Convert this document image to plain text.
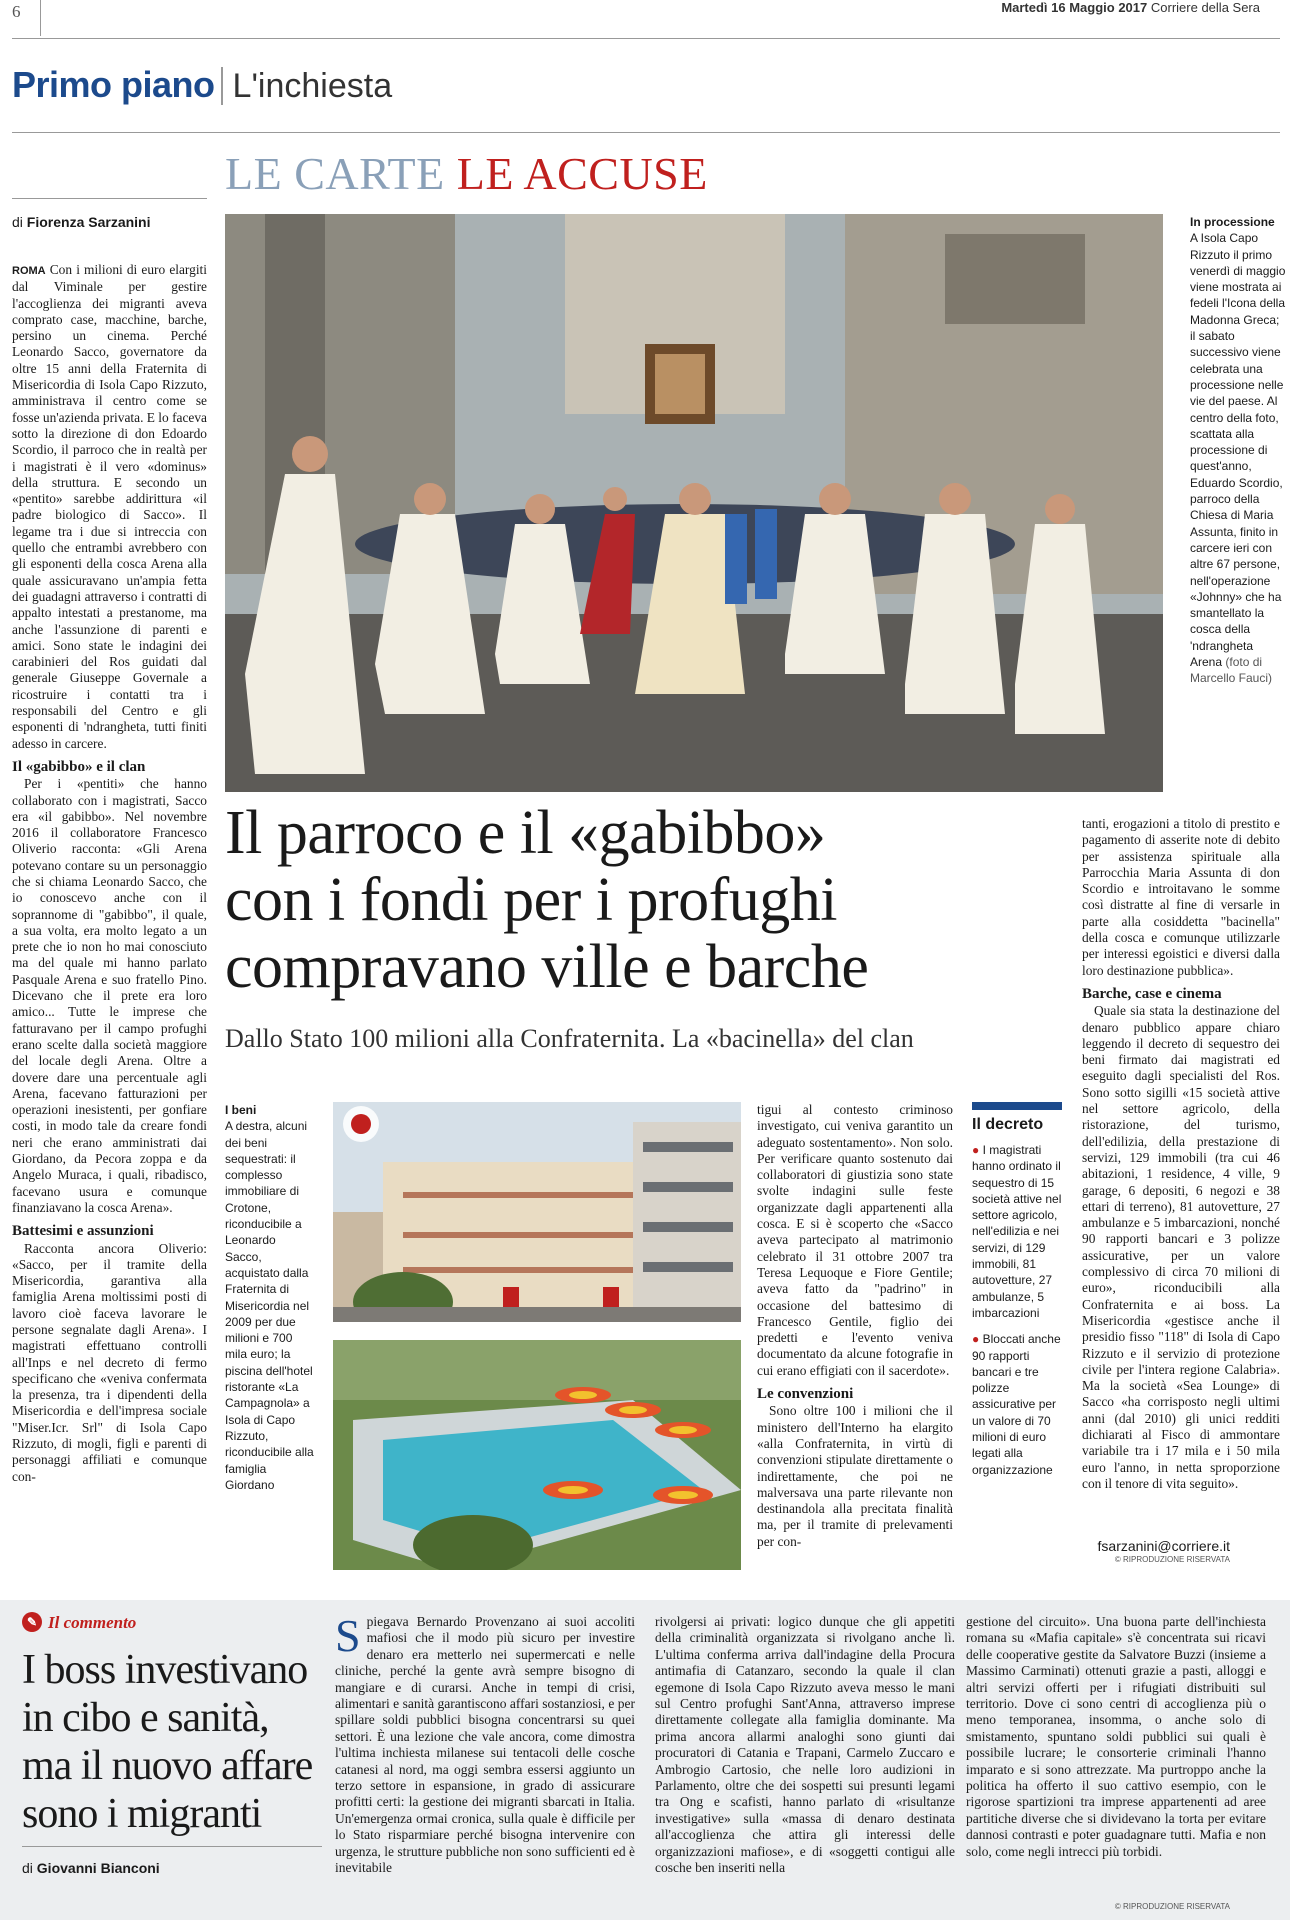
6	Martedì 16 Maggio 2017 Corriere della Sera
Primo piano L'inchiesta
LE CARTE LE ACCUSE
di Fiorenza Sarzanini

ROMA Con i milioni di euro elargiti dal Viminale per gestire l'accoglienza dei migranti aveva comprato case, macchine, barche, persino un cinema. Perché Leonardo Sacco, governatore da oltre 15 anni della Fraternita di Misericordia di Isola Capo Rizzuto, amministrava il centro come se fosse un'azienda privata. E lo faceva sotto la direzione di don Edoardo Scordio, il parroco che in realtà per i magistrati è il vero «dominus» della struttura. E secondo un «pentito» sarebbe addirittura «il padre biologico di Sacco». Il legame tra i due si intreccia con quello che entrambi avrebbero con gli esponenti della cosca Arena alla quale assicuravano un'ampia fetta dei guadagni attraverso i contratti di appalto intestati a prestanome, ma anche l'assunzione di parenti e amici. Sono state le indagini dei carabinieri del Ros guidati dal generale Giuseppe Governale a ricostruire i contatti tra i responsabili del Centro e gli esponenti di 'ndrangheta, tutti finiti adesso in carcere.

Il «gabibbo» e il clan

Per i «pentiti» che hanno collaborato con i magistrati, Sacco era «il gabibbo». Nel novembre 2016 il collaboratore Francesco Oliverio racconta: «Gli Arena potevano contare su un personaggio che si chiama Leonardo Sacco, che io conoscevo anche con il soprannome di "gabibbo", il quale, a sua volta, era molto legato a un prete che io non ho mai conosciuto ma del quale mi hanno parlato Pasquale Arena e suo fratello Pino. Dicevano che il prete era loro amico... Tutte le imprese che fatturavano per il campo profughi erano scelte dalla società maggiore del locale degli Arena. Oltre a dovere dare una percentuale agli Arena, facevano fatturazioni per operazioni inesistenti, per gonfiare costi, in modo tale da creare fondi neri che erano amministrati dai Giordano, da Pecora zoppa e da Angelo Muraca, i quali, ribadisco, facevano usura e comunque finanziavano la cosca Arena».

Battesimi e assunzioni

Racconta ancora Oliverio: «Sacco, per il tramite della Misericordia, garantiva alla famiglia Arena moltissimi posti di lavoro cioè faceva lavorare le persone segnalate dagli Arena». I magistrati effettuano controlli all'Inps e nel decreto di fermo specificano che «veniva confermata la presenza, tra i dipendenti della Misericordia e dell'impresa sociale "Miser.Icr. Srl" di Isola Capo Rizzuto, di mogli, figli e parenti di personaggi affiliati e comunque con-

In processione
A Isola Capo Rizzuto il primo venerdì di maggio viene mostrata ai fedeli l'Icona della Madonna Greca; il sabato successivo viene celebrata una processione nelle vie del paese. Al centro della foto, scattata alla processione di quest'anno, Eduardo Scordio, parroco della Chiesa di Maria Assunta, finito in carcere ieri con altre 67 persone, nell'operazione «Johnny» che ha smantellato la cosca della 'ndrangheta Arena (foto di Marcello Fauci)
Il parroco e il «gabibbo»
con i fondi per i profughi
compravano ville e barche
Dallo Stato 100 milioni alla Confraternita. La «bacinella» del clan
I beni
A destra, alcuni dei beni sequestrati: il complesso immobiliare di Crotone, riconducibile a Leonardo Sacco, acquistato dalla Fraternita di Misericordia nel 2009 per due milioni e 700 mila euro; la piscina dell'hotel ristorante «La Campagnola» a Isola di Capo Rizzuto, riconducibile alla famiglia Giordano

tigui al contesto criminoso investigato, cui veniva garantito un adeguato sostentamento». Non solo. Per verificare quanto sostenuto dai collaboratori di giustizia sono state svolte indagini sulle feste organizzate dagli appartenenti alla cosca. E si è scoperto che «Sacco aveva partecipato al matrimonio celebrato il 31 ottobre 2007 tra Teresa Lequoque e Fiore Gentile; aveva fatto da "padrino" in occasione del battesimo di Francesco Gentile, figlio dei predetti e l'evento veniva documentato da alcune fotografie in cui erano effigiati con il sacerdote».

Le convenzioni

Sono oltre 100 i milioni che il ministero dell'Interno ha elargito «alla Confraternita, in virtù di convenzioni stipulate direttamente o indirettamente, che poi ne malversava una parte rilevante non destinandola alla precitata finalità ma, per il tramite di prelevamenti per con-

Il decreto
● I magistrati hanno ordinato il sequestro di 15 società attive nel settore agricolo, nell'edilizia e nei servizi, di 129 immobili, 81 autovetture, 27 ambulanze, 5 imbarcazioni
● Bloccati anche 90 rapporti bancari e tre polizze assicurative per un valore di 70 milioni di euro legati alla organizzazione

tanti, erogazioni a titolo di prestito e pagamento di asserite note di debito per assistenza spirituale alla Parrocchia Maria Assunta di don Scordio e introitavano le somme così distratte al fine di versarle in parte alla cosiddetta "bacinella" della cosca e comunque utilizzarle per interessi egoistici e diversi dalla loro destinazione pubblica».

Barche, case e cinema

Quale sia stata la destinazione del denaro pubblico appare chiaro leggendo il decreto di sequestro dei beni firmato dai magistrati ed eseguito dagli specialisti del Ros. Sono sotto sigilli «15 società attive nel settore agricolo, della ristorazione, del turismo, dell'edilizia, della prestazione di servizi, 129 immobili (tra cui 46 abitazioni, 1 residence, 4 ville, 9 garage, 6 depositi, 6 negozi e 38 ettari di terreno), 81 autovetture, 27 ambulanze e 5 imbarcazioni, nonché 90 rapporti bancari e 3 polizze assicurative, per un valore complessivo di circa 70 milioni di euro», riconducibili alla Confraternita e ai boss. La Misericordia «gestisce anche il presidio fisso "118" di Isola di Capo Rizzuto e il servizio di protezione civile per l'intera regione Calabria». Ma la società «Sea Lounge» di Sacco «ha corrisposto negli ultimi anni (dal 2010) gli unici redditi dichiarati al Fisco di ammontare variabile tra i 17 mila e i 50 mila euro l'anno, in netta sproporzione con il tenore di vita seguito».

fsarzanini@corriere.it
© RIPRODUZIONE RISERVATA
✎ Il commento
I boss investivano in cibo e sanità, ma il nuovo affare sono i migranti
di Giovanni Bianconi
Spiegava Bernardo Provenzano ai suoi accoliti mafiosi che il modo più sicuro per investire denaro era metterlo nei supermercati e nelle cliniche, perché la gente avrà sempre bisogno di mangiare e di curarsi. Anche in tempi di crisi, alimentari e sanità garantiscono affari sostanziosi, e per spillare soldi pubblici bisogna concentrarsi su quei settori. È una lezione che vale ancora, come dimostra l'ultima inchiesta milanese sui tentacoli delle cosche catanesi al nord, ma oggi sembra essersi aggiunto un terzo settore in espansione, in grado di assicurare profitti certi: la gestione dei migranti sbarcati in Italia. Un'emergenza ormai cronica, sulla quale è difficile per lo Stato risparmiare perché bisogna intervenire con urgenza, le strutture pubbliche non sono sufficienti ed è inevitabile
rivolgersi ai privati: logico dunque che gli appetiti della criminalità organizzata si rivolgano anche lì. L'ultima conferma arriva dall'indagine della Procura antimafia di Catanzaro, secondo la quale il clan egemone di Isola Capo Rizzuto aveva messo le mani sul Centro profughi Sant'Anna, attraverso imprese direttamente collegate alla famiglia dominante. Ma prima ancora allarmi analoghi sono giunti dai procuratori di Catania e Trapani, Carmelo Zuccaro e Ambrogio Cartosio, che nelle loro audizioni in Parlamento, oltre che dei sospetti sui presunti legami tra Ong e scafisti, hanno parlato di «risultanze investigative» sulla «massa di denaro destinata all'accoglienza che attira gli interessi delle organizzazioni mafiose», e di «soggetti contigui alle cosche ben inseriti nella
gestione del circuito». Una buona parte dell'inchiesta romana su «Mafia capitale» s'è concentrata sui ricavi delle cooperative gestite da Salvatore Buzzi (insieme a Massimo Carminati) ottenuti grazie a pasti, alloggi e altri servizi offerti per i rifugiati distribuiti sul territorio. Dove ci sono centri di accoglienza più o meno temporanea, insomma, o anche solo di smistamento, spuntano soldi pubblici sui quali è possibile lucrare; le consorterie criminali l'hanno imparato e si sono attrezzate. Ma purtroppo anche la politica ha offerto il suo cattivo esempio, con le rigorose spartizioni tra imprese appartenenti ad aree partitiche diverse che si dividevano la torta per evitare dannosi contrasti e poter guadagnare tutti. Mafia e non solo, come negli intrecci più torbidi.
© RIPRODUZIONE RISERVATA
